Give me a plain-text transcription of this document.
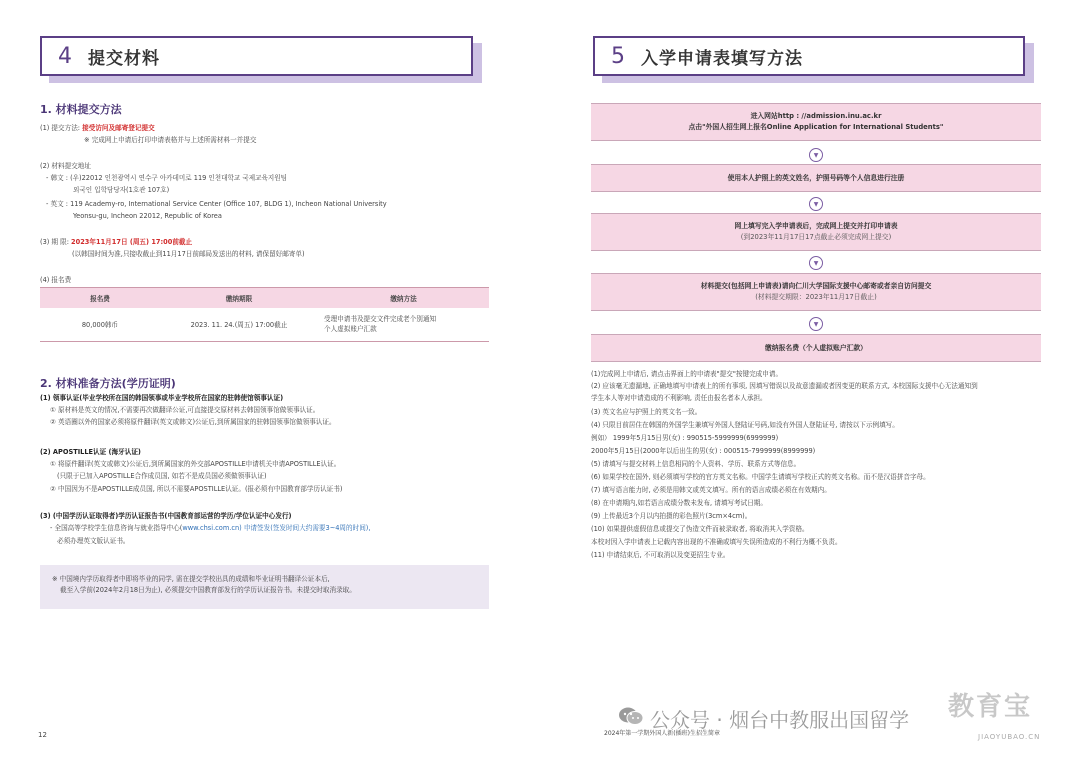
4 提交材料
1. 材料提交方法
(1) 提交方法: 接受访问及邮寄登记提交
※ 完成网上申请后打印申请表格并与上述所需材料一并提交
(2) 材料提交地址
- 韩文 : (우)22012 인천광역시 연수구 아카데미로 119 인천대학교 국제교육지원팀
외국인 입학담당자(1호관 107호)
- 英文 : 119 Academy-ro, International Service Center (Office 107, BLDG 1), Incheon National University
Yeonsu-gu, Incheon 22012, Republic of Korea
(3) 期 限: 2023年11月17日 (周五) 17:00前截止
(以韩国时间为准,只接收截止到11月17日前邮局发送出的材料, 请保留好邮寄单)
(4) 报名费
报名费	缴纳期限	缴纳方法
80,000韩币	2023. 11. 24.(周五) 17:00截止	受理申请书及提交文件完成老个别通知
个人虚拟账户汇款
2. 材料准备方法(学历证明)
(1) 领事认证(毕业学校所在国的韩国领事或毕业学校所在国家的驻韩使馆领事认证)
① 原材料是英文的情况,不需要再次做翻译公证,可直接提交原材料去韩国领事馆做领事认证。
② 英语圈以外的国家必须将原件翻译(英文或韩文)公证后,到所属国家的驻韩国领事馆做领事认证。
(2) APOSTILLE认证 (海牙认证)
① 将原件翻译(英文或韩文)公证后,到所属国家的外交部APOSTILLE申请机关申请APOSTILLE认证。
(只限于已加入APOSTILLE合作成员国, 如若不是成员国必须做领事认证)
② 中国因为不是APOSTILLE成员国, 所以不需要APOSTILLE认证。(报必须有中国教育部学历认证书)
(3) (中国学历认证取得者)学历认证报告书(中国教育部运营的学历/学位认证中心发行)
- 全国高等学校学生信息咨询与就业指导中心(www.chsi.com.cn) 申请签发(签发时间大约需要3~4周的时间),
必须办理英文版认证书。
※ 中国境内学历取得者中即将毕业的同学, 需在提交学校出具的成绩和毕业证明书翻译公证本后,
截至入学前(2024年2月18日为止), 必须提交中国教育部发行的学历认证报告书。未提交时取消录取。
12
5 入学申请表填写方法
进入网站http : //admission.inu.ac.kr
点击"外国人招生网上报名Online Application for International Students"
▼
使用本人护照上的英文姓名，护照号码等个人信息进行注册
▼
网上填写完入学申请表后，完成网上提交并打印申请表
(到2023年11月17日17点截止必须完成网上提交)
▼
材料提交(包括网上申请表)请向仁川大学国际支援中心邮寄或者亲自访问提交
(材料提交期限：2023年11月17日截止)
▼
缴纳报名费（个人虚拟账户汇款）
(1)完成网上申请后, 请点击界面上的申请表"提交"按键完成申请。
(2) 应该毫无遗漏地, 正确地填写申请表上的所有事项, 因填写错误以及故意遗漏或者因变更的联系方式, 本校国际支援中心无法通知到
学生本人等对申请造成的不利影响, 责任由报名者本人承担。
(3) 英文名应与护照上的英文名一致。
(4) 只限目前居住在韩国的外国学生兼填写外国人登陆证号码,如没有外国人登陆证号, 请按以下示例填写。
例如） 1999年5月15日男(女) : 990515-5999999(6999999)
2000年5月15日(2000年以后出生的男(女) : 000515-7999999(8999999)
(5) 请填写与提交材料上信息相同的个人资料、学历、联系方式等信息。
(6) 如果学校在国外, 则必须填写学校的官方英文名称。中国学生请填写学校正式的英文名称。而不是汉语拼音字母。
(7) 填写语言能力时, 必须是用韩文或英文填写。所有的语言成绩必须在有效期内。
(8) 在申请期内,如若语言成绩分数未发布, 请填写考试日期。
(9) 上传最近3个月以内拍摄的彩色照片(3cm×4cm)。
(10) 如果提供虚假信息或提交了伪造文件而被录取者, 将取消其入学资格。
本校对因入学申请表上记载内容出现的不准确或填写失误所造成的不利行为概不负责。
(11) 申请结束后, 不可取消以及变更招生专业。
2024年第一学期外国人新(插班)生招生简章
公众号 · 烟台中教服出国留学 教育宝
JIAOYUBAO.CN
